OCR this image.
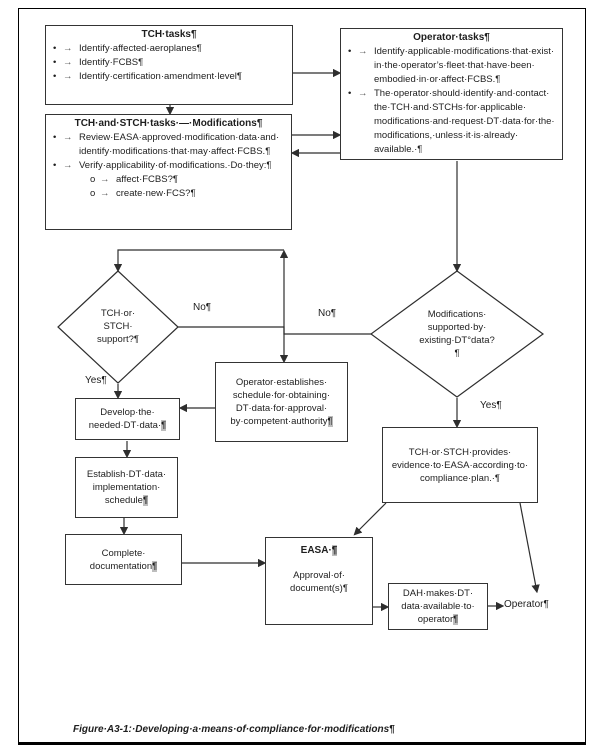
TCH·​tasks¶
• → Identify·​affected·​aeroplanes¶
• → Identify·​FCBS¶
• → Identify·​certification·​amendment·​level¶
Operator·​tasks¶
• → Identify·​applicable·​modifications·​that·​exist·​in·​the·​operator’s·​fleet·​that·​have·​been·​embodied·​in·​or·​affect·​FCBS.¶
• → The·​operator·​should·​identify·​and·​contact·​the·​TCH·​and·​STCHs·​for·​applicable·​modifications·​and·​request·​DT·​data·​for·​the·​modifications,·​unless·​it·​is·​already·​available.·​¶
TCH·​and·​STCH·​tasks·​—·​Modifications¶
• → Review·​EASA·​approved·​modification·​data·​and·​identify·​modifications·​that·​may·​affect·​FCBS.¶
• → Verify·​applicability·​of·​modifications.·​Do·​they:¶
o → affect·​FCBS?¶
o → create·​new·​FCS?¶
TCH·​or·​STCH·​support?¶
Modifications·​supported·​by·​existing·​DT°data?¶
Operator·​establishes·​schedule·​for·​obtaining·​DT·​data·​for·​approval·​by·​competent·​authority¶
Develop·​the·​needed·​DT·​data·​¶
Establish·​DT·​data·​implementation·​schedule¶
Complete·​documentation¶
EASA·​¶
Approval·​of·​document(s)¶
TCH·​or·​STCH·​provides·​evidence·​to·​EASA·​according·​to·​compliance·​plan.·​¶
DAH·​makes·​DT·​data·​available·​to·​operator¶
No¶
No¶
Yes¶
Yes¶
Operator¶
Figure·​A3-1:·​Developing·​a·​means·​of·​compliance·​for·​modifications¶
